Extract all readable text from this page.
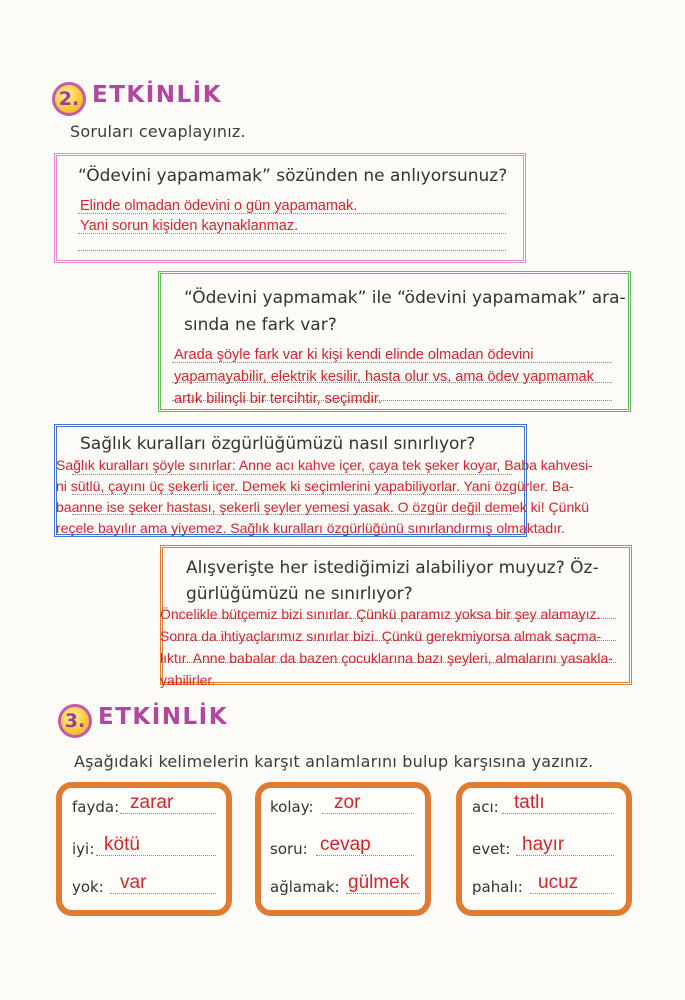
2. ETKİNLİK
Soruları cevaplayınız.
“Ödevini yapamamak” sözünden ne anlıyorsunuz?
Elinde olmadan ödevini o gün yapamamak.
Yani sorun kişiden kaynaklanmaz.
“Ödevini yapmamak” ile “ödevini yapamamak” ara-
sında ne fark var?
Arada şöyle fark var ki kişi kendi elinde olmadan ödevini
yapamayabilir, elektrik kesilir, hasta olur vs, ama ödev yapmamak
artık bilinçli bir tercihtir, seçimdir.
Sağlık kuralları özgürlüğümüzü nasıl sınırlıyor?
Sağlık kuralları şöyle sınırlar: Anne acı kahve içer, çaya tek şeker koyar, Baba kahvesi-
ni sütlü, çayını üç şekerli içer. Demek ki seçimlerini yapabiliyorlar. Yani özgürler. Ba-
baanne ise şeker hastası, şekerli şeyler yemesi yasak. O özgür değil demek ki! Çünkü
reçele bayılır ama yiyemez. Sağlık kuralları özgürlüğünü sınırlandırmış olmaktadır.
Alışverişte her istediğimizi alabiliyor muyuz? Öz-
gürlüğümüzü ne sınırlıyor?
Öncelikle bütçemiz bizi sınırlar. Çünkü paramız yoksa bir şey alamayız.
Sonra da ihtiyaçlarımız sınırlar bizi. Çünkü gerekmiyorsa almak saçma-
lıktır. Anne babalar da bazen çocuklarına bazı şeyleri, almalarını yasakla-
yabilirler.
3. ETKİNLİK
Aşağıdaki kelimelerin karşıt anlamlarını bulup karşısına yazınız.
fayda: zarar
iyi: kötü
yok: var
kolay: zor
soru: cevap
ağlamak: gülmek
acı: tatlı
evet: hayır
pahalı: ucuz
